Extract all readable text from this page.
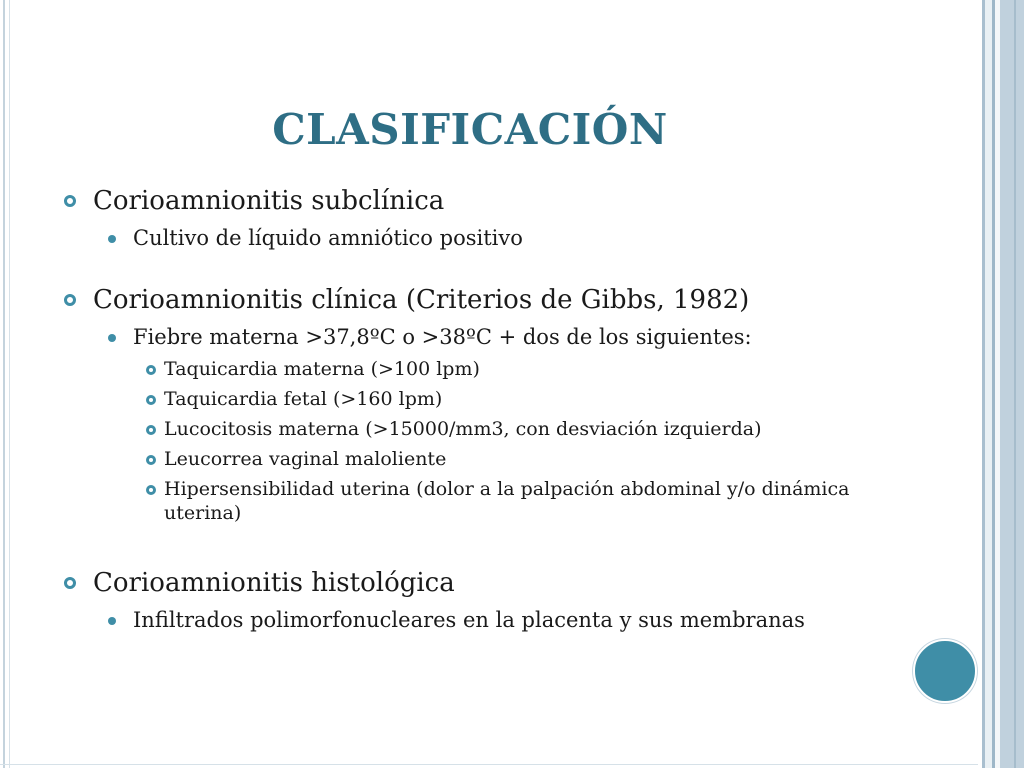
CLASIFICACIÓN
Corioamnionitis subclínica
Cultivo de líquido amniótico positivo
Corioamnionitis clínica (Criterios de Gibbs, 1982)
Fiebre materna >37,8ºC o >38ºC + dos de los siguientes:
Taquicardia materna (>100 lpm)
Taquicardia fetal (>160 lpm)
Lucocitosis materna (>15000/mm3, con desviación izquierda)
Leucorrea vaginal maloliente
Hipersensibilidad uterina (dolor a la palpación abdominal y/o dinámica uterina)
Corioamnionitis histológica
Infiltrados polimorfonucleares en la placenta y sus membranas
